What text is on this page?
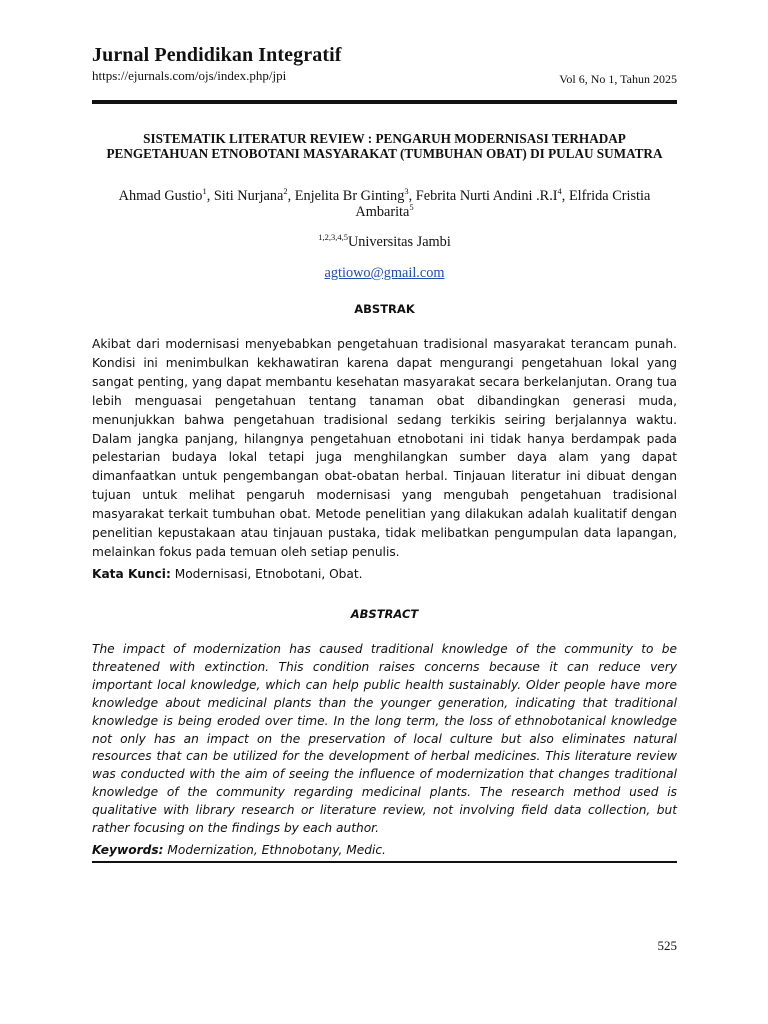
Jurnal Pendidikan Integratif
https://ejurnals.com/ojs/index.php/jpi	Vol 6, No 1, Tahun 2025
SISTEMATIK LITERATUR REVIEW : PENGARUH MODERNISASI TERHADAP PENGETAHUAN ETNOBOTANI MASYARAKAT (TUMBUHAN OBAT) DI PULAU SUMATRA
Ahmad Gustio$^1$, Siti Nurjana$^2$, Enjelita Br Ginting$^3$, Febrita Nurti Andini $.R.I^4$, Elfrida Cristia Ambarita$^5$
$^{1,2,3,4,5}$Universitas Jambi
agtiowo@gmail.com
ABSTRAK
Akibat dari modernisasi menyebabkan pengetahuan tradisional masyarakat terancam punah. Kondisi ini menimbulkan kekhawatiran karena dapat mengurangi pengetahuan lokal yang sangat penting, yang dapat membantu kesehatan masyarakat secara berkelanjutan. Orang tua lebih menguasai pengetahuan tentang tanaman obat dibandingkan generasi muda, menunjukkan bahwa pengetahuan tradisional sedang terkikis seiring berjalannya waktu. Dalam jangka panjang, hilangnya pengetahuan etnobotani ini tidak hanya berdampak pada pelestarian budaya lokal tetapi juga menghilangkan sumber daya alam yang dapat dimanfaatkan untuk pengembangan obat-obatan herbal. Tinjauan literatur ini dibuat dengan tujuan untuk melihat pengaruh modernisasi yang mengubah pengetahuan tradisional masyarakat terkait tumbuhan obat. Metode penelitian yang dilakukan adalah kualitatif dengan penelitian kepustakaan atau tinjauan pustaka, tidak melibatkan pengumpulan data lapangan, melainkan fokus pada temuan oleh setiap penulis.
Kata Kunci: Modernisasi, Etnobotani, Obat.
ABSTRACT
The impact of modernization has caused traditional knowledge of the community to be threatened with extinction. This condition raises concerns because it can reduce very important local knowledge, which can help public health sustainably. Older people have more knowledge about medicinal plants than the younger generation, indicating that traditional knowledge is being eroded over time. In the long term, the loss of ethnobotanical knowledge not only has an impact on the preservation of local culture but also eliminates natural resources that can be utilized for the development of herbal medicines. This literature review was conducted with the aim of seeing the influence of modernization that changes traditional knowledge of the community regarding medicinal plants. The research method used is qualitative with library research or literature review, not involving field data collection, but rather focusing on the findings by each author.
Keywords: Modernization, Ethnobotany, Medic.
525
